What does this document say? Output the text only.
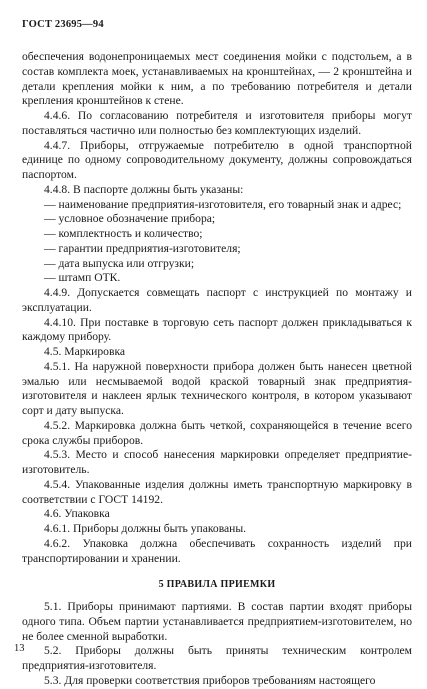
ГОСТ 23695—94

обеспечения водонепроницаемых мест соединения мойки с подстольем, а в состав комплекта моек, устанавливаемых на кронштейнах, — 2 кронштейна и детали крепления мойки к ним, а по требованию потребителя и детали крепления кронштейнов к стене.

4.4.6. По согласованию потребителя и изготовителя приборы могут поставляться частично или полностью без комплектующих изделий.

4.4.7. Приборы, отгружаемые потребителю в одной транспортной единице по одному сопроводительному документу, должны сопровождаться паспортом.

4.4.8. В паспорте должны быть указаны:

— наименование предприятия-изготовителя, его товарный знак и адрес;

— условное обозначение прибора;

— комплектность и количество;

— гарантии предприятия-изготовителя;

— дата выпуска или отгрузки;

— штамп ОТК.

4.4.9. Допускается совмещать паспорт с инструкцией по монтажу и эксплуатации.

4.4.10. При поставке в торговую сеть паспорт должен прикладываться к каждому прибору.

4.5. Маркировка

4.5.1. На наружной поверхности прибора должен быть нанесен цветной эмалью или несмываемой водой краской товарный знак предприятия-изготовителя и наклеен ярлык технического контроля, в котором указывают сорт и дату выпуска.

4.5.2. Маркировка должна быть четкой, сохраняющейся в течение всего срока службы приборов.

4.5.3. Место и способ нанесения маркировки определяет предприятие-изготовитель.

4.5.4. Упакованные изделия должны иметь транспортную маркировку в соответствии с ГОСТ 14192.

4.6. Упаковка

4.6.1. Приборы должны быть упакованы.

4.6.2. Упаковка должна обеспечивать сохранность изделий при транспортировании и хранении.

5 ПРАВИЛА ПРИЕМКИ

5.1. Приборы принимают партиями. В состав партии входят приборы одного типа. Объем партии устанавливается предприятием-изготовителем, но не более сменной выработки.

5.2. Приборы должны быть приняты техническим контролем предприятия-изготовителя.

5.3. Для проверки соответствия приборов требованиям настоящего

13
